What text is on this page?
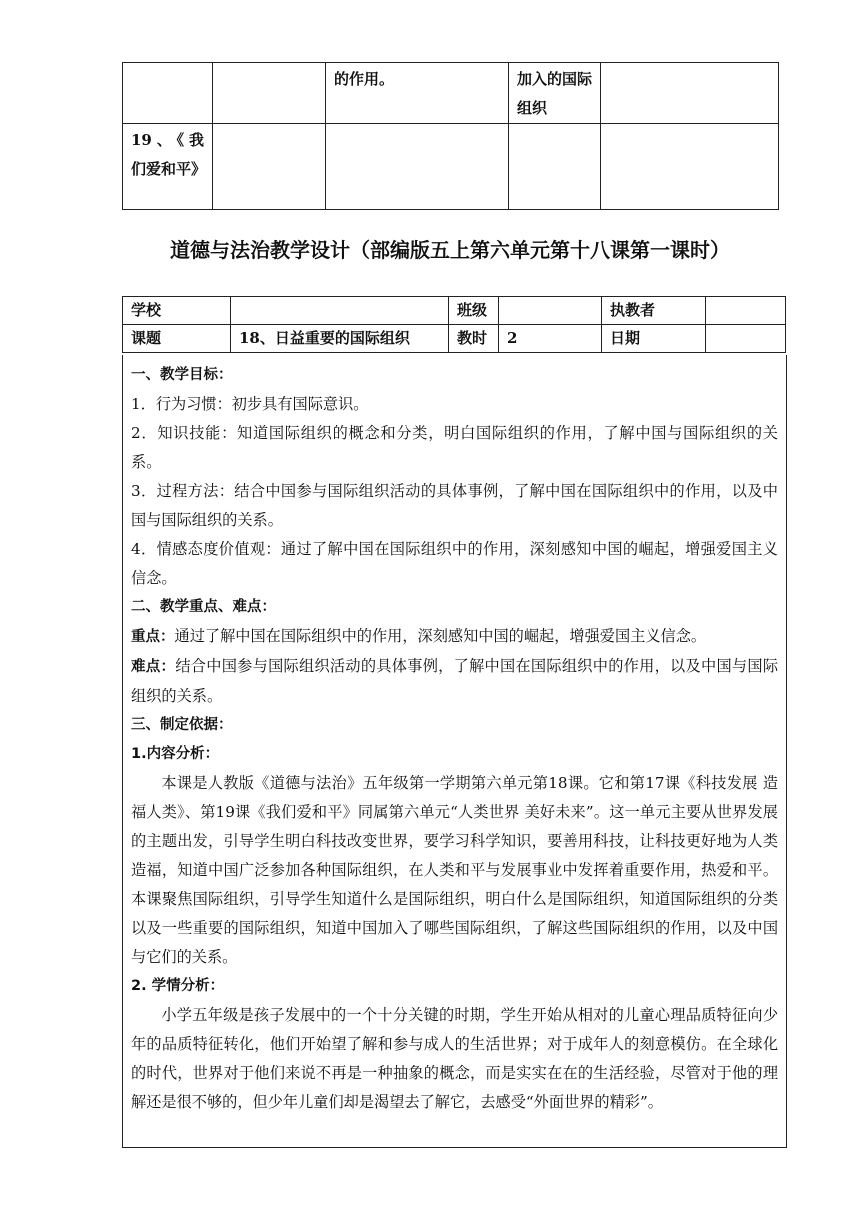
		的作用。	加入的国际组织	
19、《我们爱和平》				
道德与法治教学设计（部编版五上第六单元第十八课第一课时）
学校		班级		执教者	
课题	18、日益重要的国际组织	教时	2	日期	

一、教学目标：

1．行为习惯：初步具有国际意识。

2．知识技能：知道国际组织的概念和分类，明白国际组织的作用，了解中国与国际组织的关系。

3．过程方法：结合中国参与国际组织活动的具体事例，了解中国在国际组织中的作用，以及中国与国际组织的关系。

4．情感态度价值观：通过了解中国在国际组织中的作用，深刻感知中国的崛起，增强爱国主义信念。

二、教学重点、难点：

重点：通过了解中国在国际组织中的作用，深刻感知中国的崛起，增强爱国主义信念。

难点：结合中国参与国际组织活动的具体事例，了解中国在国际组织中的作用，以及中国与国际组织的关系。

三、制定依据：

1.内容分析：

本课是人教版《道德与法治》五年级第一学期第六单元第18课。它和第17课《科技发展 造福人类》、第19课《我们爱和平》同属第六单元“人类世界 美好未来”。这一单元主要从世界发展的主题出发，引导学生明白科技改变世界，要学习科学知识，要善用科技，让科技更好地为人类造福，知道中国广泛参加各种国际组织，在人类和平与发展事业中发挥着重要作用，热爱和平。本课聚焦国际组织，引导学生知道什么是国际组织，明白什么是国际组织，知道国际组织的分类以及一些重要的国际组织，知道中国加入了哪些国际组织，了解这些国际组织的作用，以及中国与它们的关系。

2. 学情分析：

小学五年级是孩子发展中的一个十分关键的时期，学生开始从相对的儿童心理品质特征向少年的品质特征转化，他们开始望了解和参与成人的生活世界；对于成年人的刻意模仿。在全球化的时代，世界对于他们来说不再是一种抽象的概念，而是实实在在的生活经验，尽管对于他的理解还是很不够的，但少年儿童们却是渴望去了解它，去感受“外面世界的精彩”。
